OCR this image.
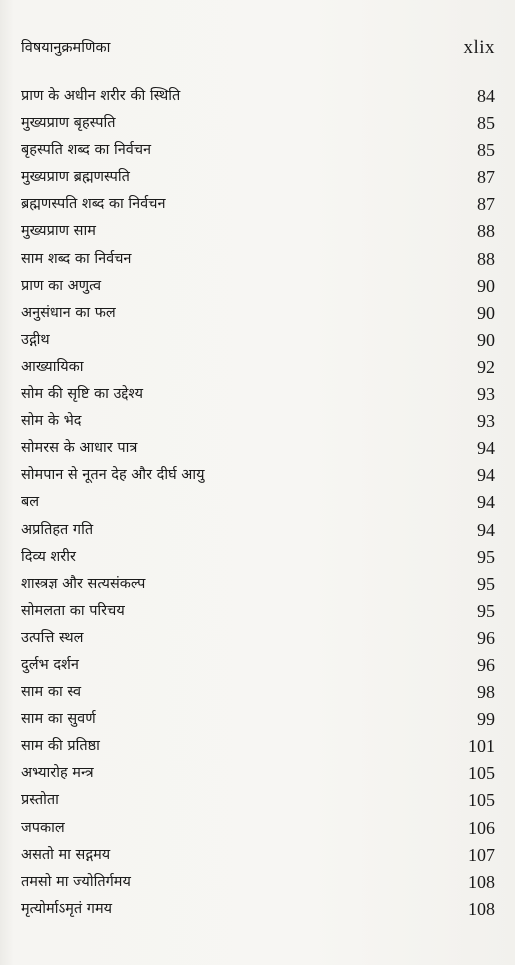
विषयानुक्रमणिका	xlix
प्राण के अधीन शरीर की स्थिति	84
मुख्यप्राण बृहस्पति	85
बृहस्पति शब्द का निर्वचन	85
मुख्यप्राण ब्रह्मणस्पति	87
ब्रह्मणस्पति शब्द का निर्वचन	87
मुख्यप्राण साम	88
साम शब्द का निर्वचन	88
प्राण का अणुत्व	90
अनुसंधान का फल	90
उद्गीथ	90
आख्यायिका	92
सोम की सृष्टि का उद्देश्य	93
सोम के भेद	93
सोमरस के आधार पात्र	94
सोमपान से नूतन देह और दीर्घ आयु	94
बल	94
अप्रतिहत गति	94
दिव्य शरीर	95
शास्त्रज्ञ और सत्यसंकल्प	95
सोमलता का परिचय	95
उत्पत्ति स्थल	96
दुर्लभ दर्शन	96
साम का स्व	98
साम का सुवर्ण	99
साम की प्रतिष्ठा	101
अभ्यारोह मन्त्र	105
प्रस्तोता	105
जपकाल	106
असतो मा सद्गमय	107
तमसो मा ज्योतिर्गमय	108
मृत्योर्माऽमृतं गमय	108
